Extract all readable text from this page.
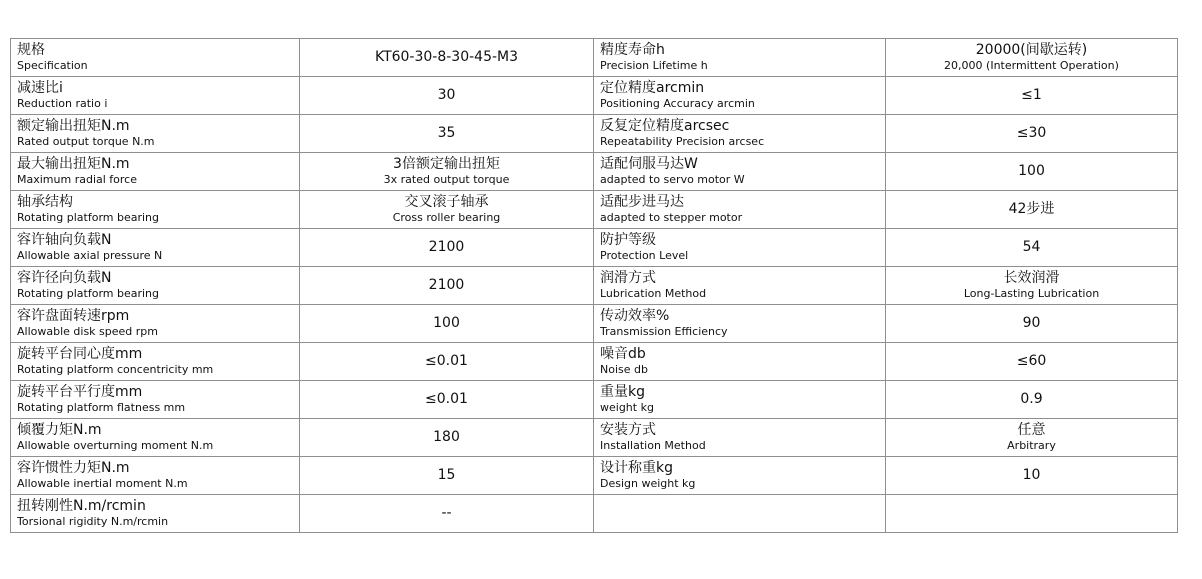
规格
Specification	KT60-30-8-30-45-M3	精度寿命h
Precision Lifetime h	20000(间歇运转)
20,000 (Intermittent Operation)

减速比i
Reduction ratio i	30	定位精度arcmin
Positioning Accuracy arcmin	≤1

额定输出扭矩N.m
Rated output torque N.m	35	反复定位精度arcsec
Repeatability Precision arcsec	≤30

最大输出扭矩N.m
Maximum radial force	3倍额定输出扭矩
3x rated output torque	适配伺服马达W
adapted to servo motor W	100

轴承结构
Rotating platform bearing	交叉滚子轴承
Cross roller bearing	适配步进马达
adapted to stepper motor	42步进

容许轴向负载N
Allowable axial pressure N	2100	防护等级
Protection Level	54

容许径向负载N
Rotating platform bearing	2100	润滑方式
Lubrication Method	长效润滑
Long-Lasting Lubrication

容许盘面转速rpm
Allowable disk speed rpm	100	传动效率%
Transmission Efficiency	90

旋转平台同心度mm
Rotating platform concentricity mm	≤0.01	噪音db
Noise db	≤60

旋转平台平行度mm
Rotating platform flatness mm	≤0.01	重量kg
weight kg	0.9

倾覆力矩N.m
Allowable overturning moment N.m	180	安装方式
Installation Method	任意
Arbitrary

容许惯性力矩N.m
Allowable inertial moment N.m	15	设计称重kg
Design weight kg	10

扭转刚性N.m/rcmin
Torsional rigidity N.m/rcmin	--		
